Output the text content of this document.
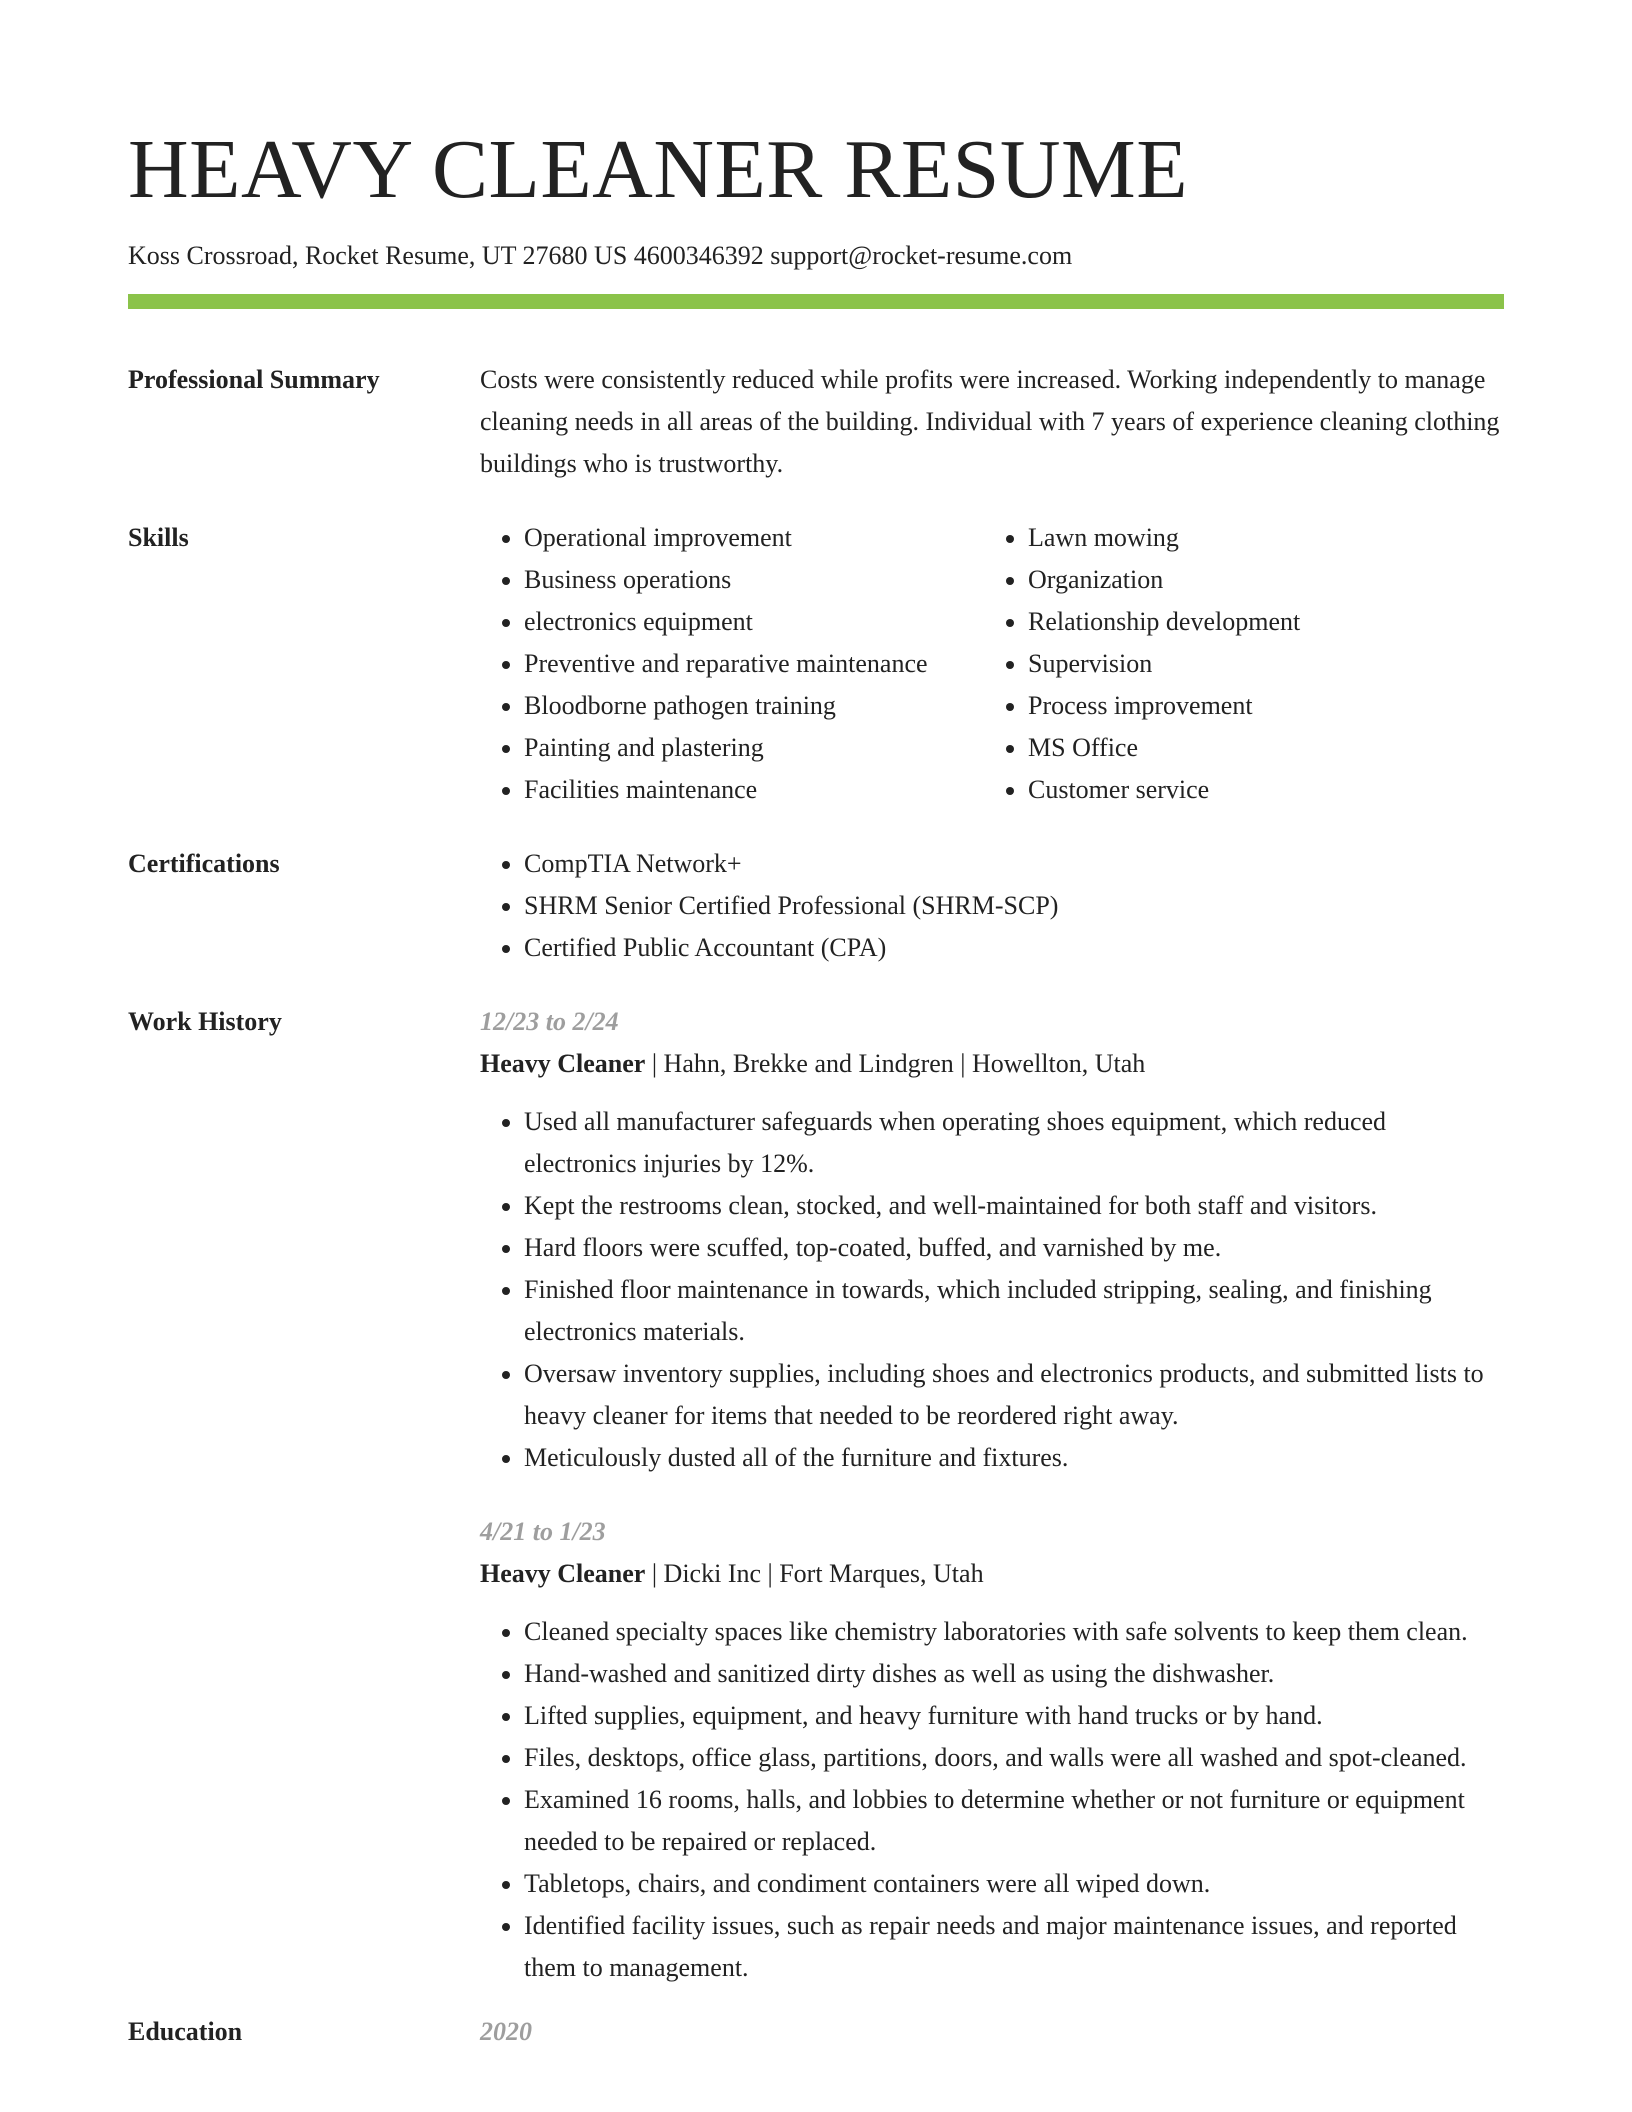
HEAVY CLEANER RESUME
Koss Crossroad, Rocket Resume, UT 27680 US 4600346392 support@rocket-resume.com
Professional Summary	Costs were consistently reduced while profits were increased. Working independently to manage cleaning needs in all areas of the building. Individual with 7 years of experience cleaning clothing buildings who is trustworthy.
Skills	• Operational improvement
• Business operations
• electronics equipment
• Preventive and reparative maintenance
• Bloodborne pathogen training
• Painting and plastering
• Facilities maintenance
• Lawn mowing
• Organization
• Relationship development
• Supervision
• Process improvement
• MS Office
• Customer service
Certifications	• CompTIA Network+
• SHRM Senior Certified Professional (SHRM-SCP)
• Certified Public Accountant (CPA)
Work History	12/23 to 2/24
Heavy Cleaner | Hahn, Brekke and Lindgren | Howellton, Utah
• Used all manufacturer safeguards when operating shoes equipment, which reduced electronics injuries by 12%.
• Kept the restrooms clean, stocked, and well-maintained for both staff and visitors.
• Hard floors were scuffed, top-coated, buffed, and varnished by me.
• Finished floor maintenance in towards, which included stripping, sealing, and finishing electronics materials.
• Oversaw inventory supplies, including shoes and electronics products, and submitted lists to heavy cleaner for items that needed to be reordered right away.
• Meticulously dusted all of the furniture and fixtures.
4/21 to 1/23
Heavy Cleaner | Dicki Inc | Fort Marques, Utah
• Cleaned specialty spaces like chemistry laboratories with safe solvents to keep them clean.
• Hand-washed and sanitized dirty dishes as well as using the dishwasher.
• Lifted supplies, equipment, and heavy furniture with hand trucks or by hand.
• Files, desktops, office glass, partitions, doors, and walls were all washed and spot-cleaned.
• Examined 16 rooms, halls, and lobbies to determine whether or not furniture or equipment needed to be repaired or replaced.
• Tabletops, chairs, and condiment containers were all wiped down.
• Identified facility issues, such as repair needs and major maintenance issues, and reported them to management.
Education	2020
